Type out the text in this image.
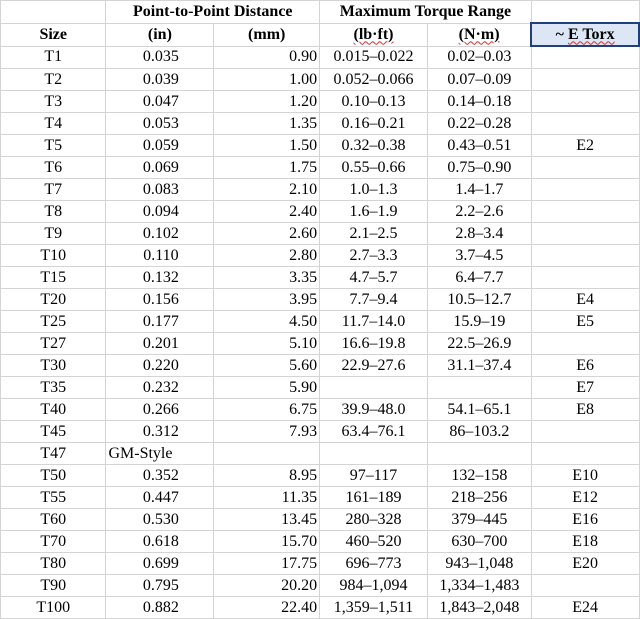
	Point-to-Point Distance		Maximum Torque Range		
Size	(in)	(mm)	(lb·ft)	(N·m)	~ E Torx
T1	0.035	0.90	0.015–0.022	0.02–0.03	
T2	0.039	1.00	0.052–0.066	0.07–0.09	
T3	0.047	1.20	0.10–0.13	0.14–0.18	
T4	0.053	1.35	0.16–0.21	0.22–0.28	
T5	0.059	1.50	0.32–0.38	0.43–0.51	E2
T6	0.069	1.75	0.55–0.66	0.75–0.90	
T7	0.083	2.10	1.0–1.3	1.4–1.7	
T8	0.094	2.40	1.6–1.9	2.2–2.6	
T9	0.102	2.60	2.1–2.5	2.8–3.4	
T10	0.110	2.80	2.7–3.3	3.7–4.5	
T15	0.132	3.35	4.7–5.7	6.4–7.7	
T20	0.156	3.95	7.7–9.4	10.5–12.7	E4
T25	0.177	4.50	11.7–14.0	15.9–19	E5
T27	0.201	5.10	16.6–19.8	22.5–26.9	
T30	0.220	5.60	22.9–27.6	31.1–37.4	E6
T35	0.232	5.90			E7
T40	0.266	6.75	39.9–48.0	54.1–65.1	E8
T45	0.312	7.93	63.4–76.1	86–103.2	
T47	GM-Style				
T50	0.352	8.95	97–117	132–158	E10
T55	0.447	11.35	161–189	218–256	E12
T60	0.530	13.45	280–328	379–445	E16
T70	0.618	15.70	460–520	630–700	E18
T80	0.699	17.75	696–773	943–1,048	E20
T90	0.795	20.20	984–1,094	1,334–1,483	
T100	0.882	22.40	1,359–1,511	1,843–2,048	E24
